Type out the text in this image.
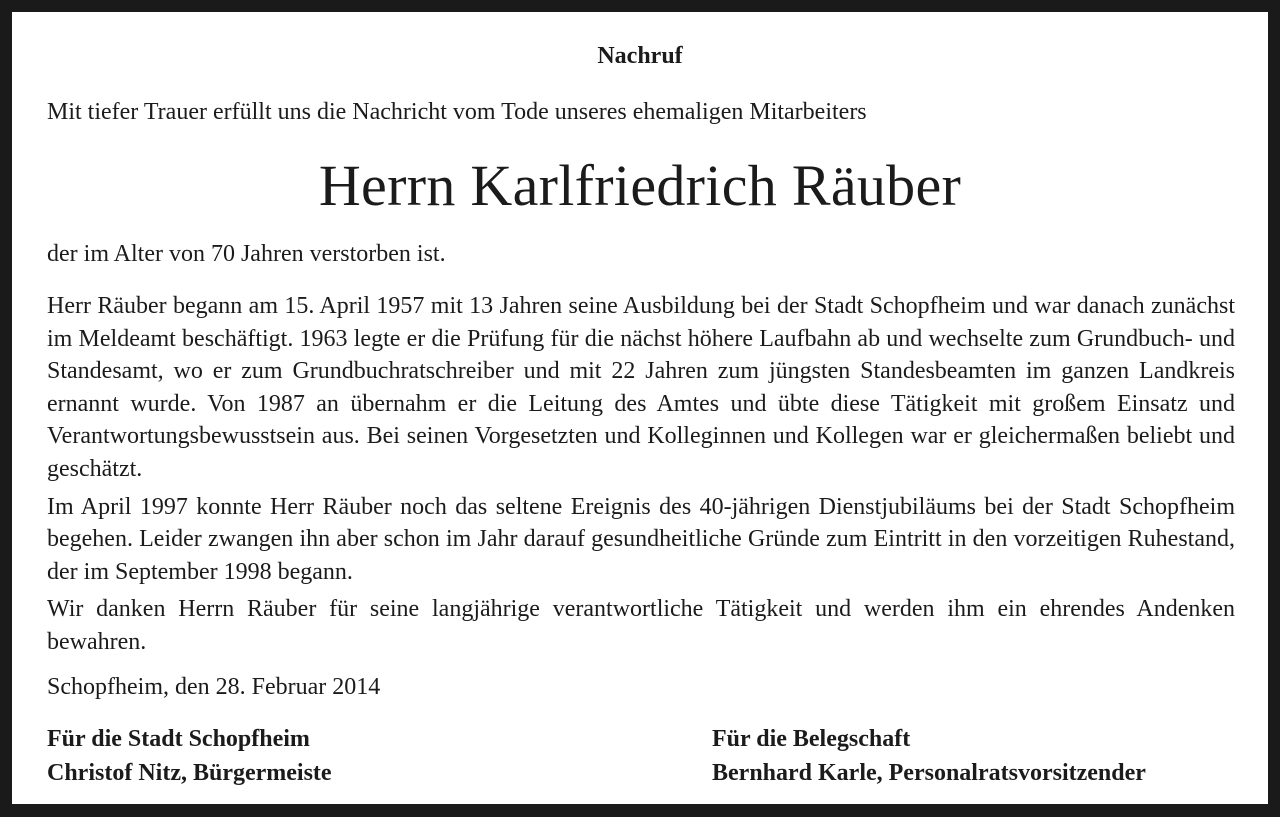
Nachruf
Mit tiefer Trauer erfüllt uns die Nachricht vom Tode unseres ehemaligen Mitarbeiters
Herrn Karlfriedrich Räuber
der im Alter von 70 Jahren verstorben ist.

Herr Räuber begann am 15. April 1957 mit 13 Jahren seine Ausbildung bei der Stadt Schopfheim und war danach zunächst im Meldeamt beschäftigt. 1963 legte er die Prüfung für die nächst höhere Laufbahn ab und wechselte zum Grundbuch- und Standesamt, wo er zum Grundbuchratschreiber und mit 22 Jahren zum jüngsten Standesbeamten im ganzen Landkreis ernannt wurde. Von 1987 an übernahm er die Leitung des Amtes und übte diese Tätigkeit mit großem Einsatz und Verantwortungsbewusstsein aus. Bei seinen Vorgesetzten und Kolleginnen und Kollegen war er gleichermaßen beliebt und geschätzt.

Im April 1997 konnte Herr Räuber noch das seltene Ereignis des 40-jährigen Dienstjubiläums bei der Stadt Schopfheim begehen. Leider zwangen ihn aber schon im Jahr darauf gesundheitliche Gründe zum Eintritt in den vorzeitigen Ruhestand, der im September 1998 begann.

Wir danken Herrn Räuber für seine langjährige verantwortliche Tätigkeit und werden ihm ein ehrendes Andenken bewahren.

Schopfheim, den 28. Februar 2014
Für die Stadt Schopfheim
Christof Nitz, Bürgermeiste
Für die Belegschaft
Bernhard Karle, Personalratsvorsitzender
